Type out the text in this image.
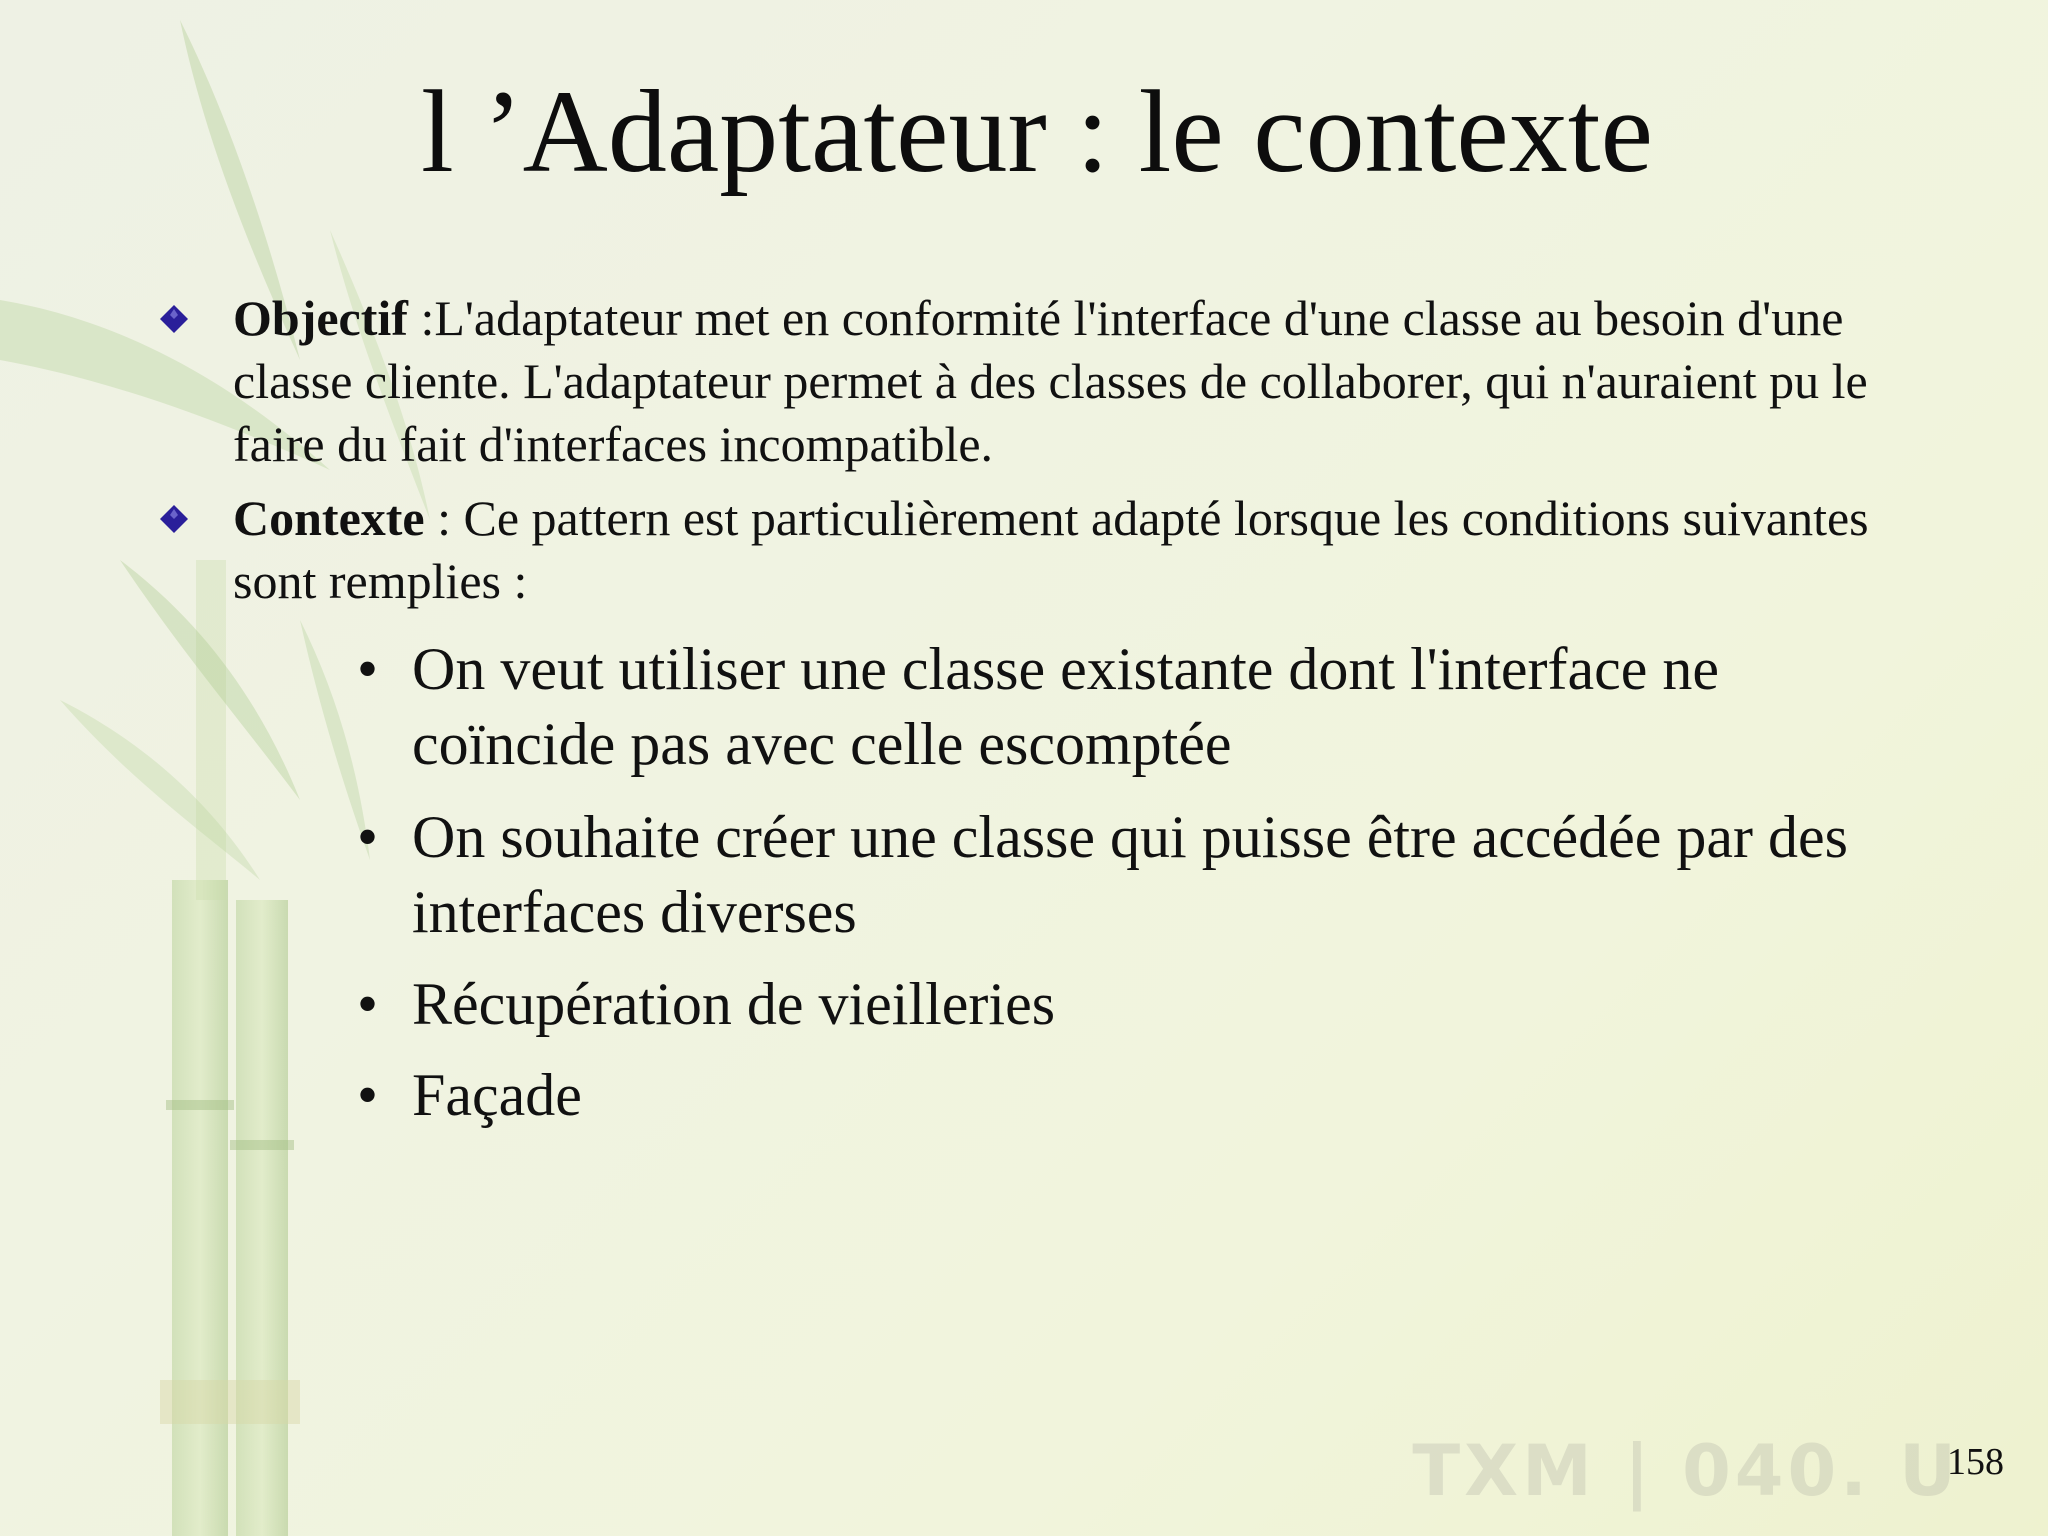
TXM | 040. U
l ’Adaptateur : le contexte
Objectif :L'adaptateur met en conformité l'interface d'une classe au besoin d'une classe cliente. L'adaptateur permet à des classes de collaborer, qui n'auraient pu le faire du fait d'interfaces incompatible.
Contexte : Ce pattern est particulièrement adapté lorsque les conditions suivantes sont remplies :
• On veut utiliser une classe existante dont l'interface ne coïncide pas avec celle escomptée
• On souhaite créer une classe qui puisse être accédée par des interfaces diverses
• Récupération de vieilleries
• Façade
158
